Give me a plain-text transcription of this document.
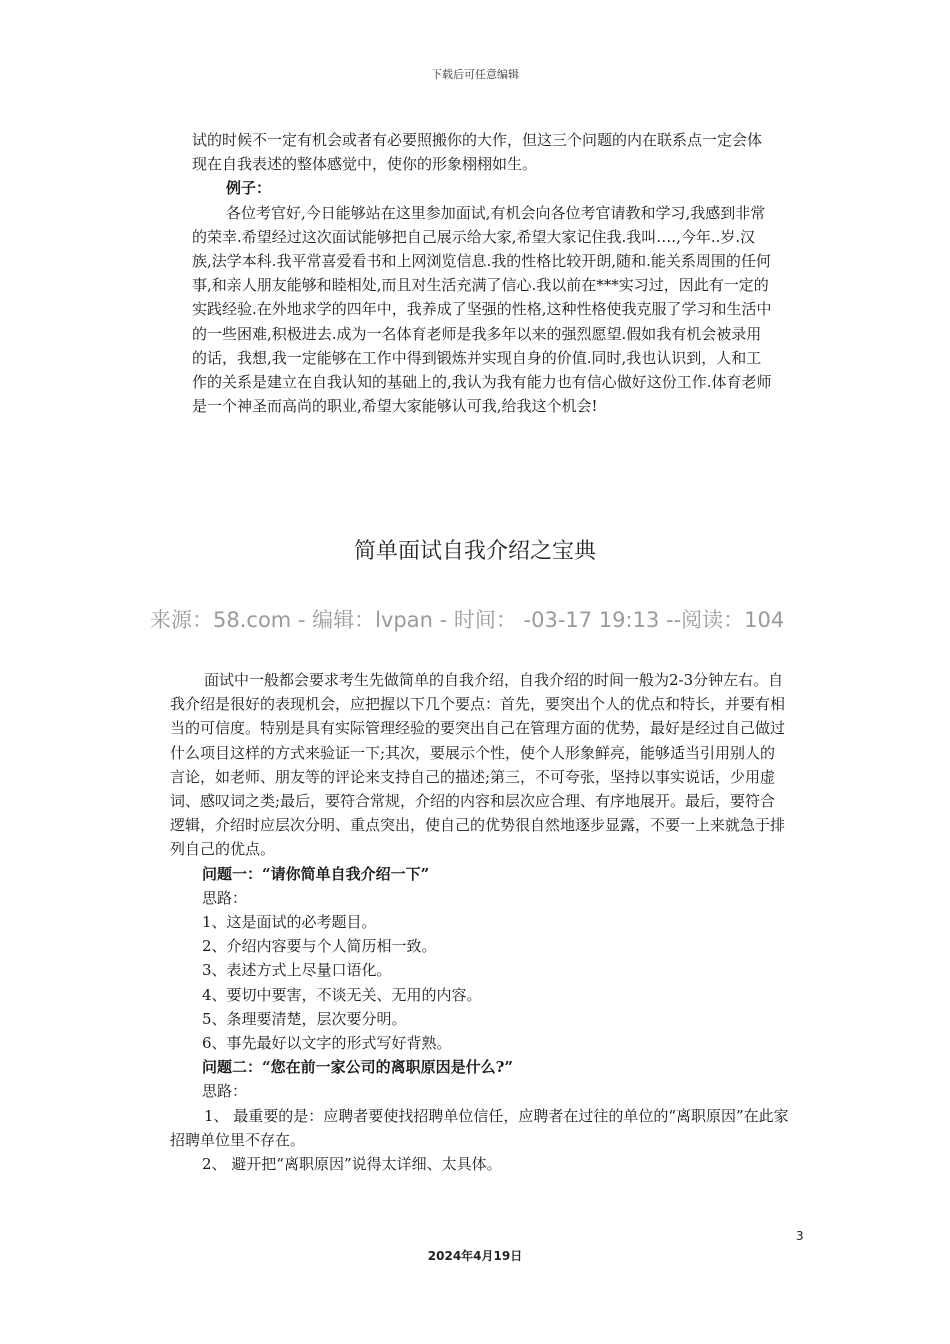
下载后可任意编辑

试的时候不一定有机会或者有必要照搬你的大作，但这三个问题的内在联系点一定会体现在自我表述的整体感觉中，使你的形象栩栩如生。

例子：

各位考官好,今日能够站在这里参加面试,有机会向各位考官请教和学习,我感到非常的荣幸.希望经过这次面试能够把自己展示给大家,希望大家记住我.我叫….,今年..岁.汉族,法学本科.我平常喜爱看书和上网浏览信息.我的性格比较开朗,随和.能关系周围的任何事,和亲人朋友能够和睦相处,而且对生活充满了信心.我以前在***实习过，因此有一定的实践经验.在外地求学的四年中，我养成了坚强的性格,这种性格使我克服了学习和生活中的一些困难,积极进去.成为一名体育老师是我多年以来的强烈愿望.假如我有机会被录用的话，我想,我一定能够在工作中得到锻炼并实现自身的价值.同时,我也认识到，人和工作的关系是建立在自我认知的基础上的,我认为我有能力也有信心做好这份工作.体育老师是一个神圣而高尚的职业,希望大家能够认可我,给我这个机会!

简单面试自我介绍之宝典
来源：58.com - 编辑：lvpan - 时间： -03-17 19:13 --阅读：104

面试中一般都会要求考生先做简单的自我介绍，自我介绍的时间一般为2-3分钟左右。自我介绍是很好的表现机会，应把握以下几个要点：首先，要突出个人的优点和特长，并要有相当的可信度。特别是具有实际管理经验的要突出自己在管理方面的优势，最好是经过自己做过什么项目这样的方式来验证一下;其次，要展示个性，使个人形象鲜亮，能够适当引用别人的言论，如老师、朋友等的评论来支持自己的描述;第三，不可夸张，坚持以事实说话，少用虚词、感叹词之类;最后，要符合常规，介绍的内容和层次应合理、有序地展开。最后，要符合逻辑，介绍时应层次分明、重点突出，使自己的优势很自然地逐步显露，不要一上来就急于排列自己的优点。

问题一：“请你简单自我介绍一下”

思路：

1、这是面试的必考题目。

2、介绍内容要与个人简历相一致。

3、表述方式上尽量口语化。

4、要切中要害，不谈无关、无用的内容。

5、条理要清楚，层次要分明。

6、事先最好以文字的形式写好背熟。

问题二：“您在前一家公司的离职原因是什么?”

思路：

1、 最重要的是：应聘者要使找招聘单位信任，应聘者在过往的单位的“离职原因”在此家招聘单位里不存在。

2、 避开把“离职原因”说得太详细、太具体。

3
2024年4月19日
